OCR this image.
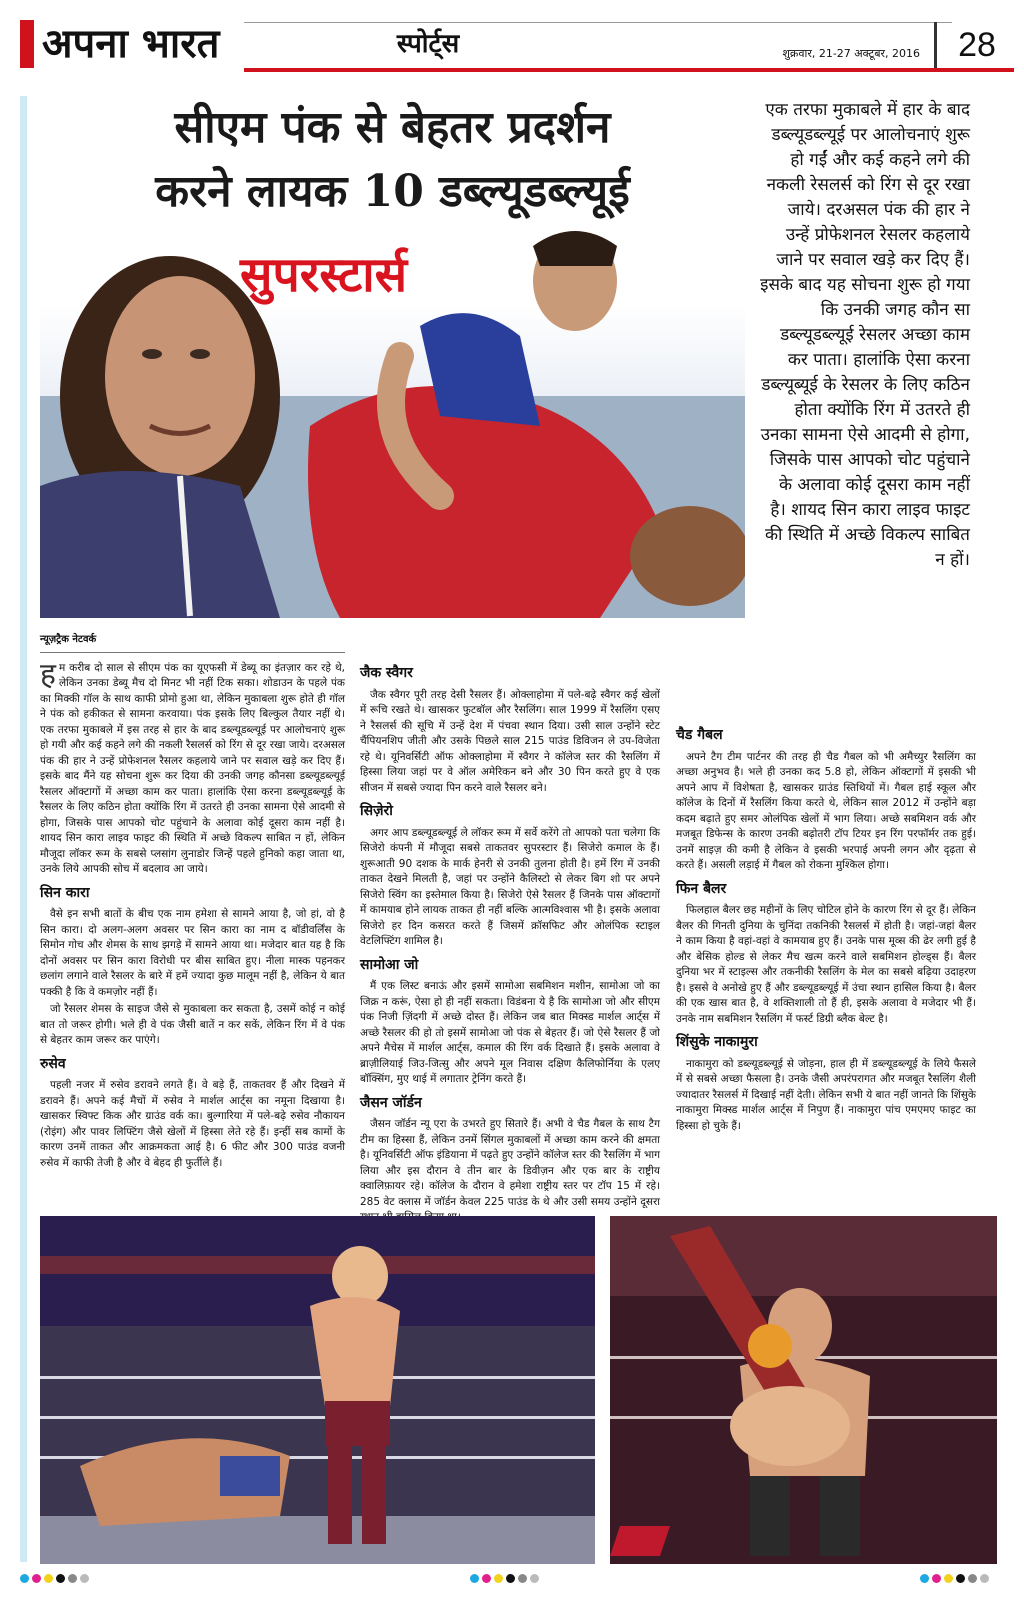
अपना भारत	स्पोर्ट्स	शुक्रवार, 21-27 अक्टूबर, 2016	28
सीएम पंक से बेहतर प्रदर्शन
करने लायक 10 डब्ल्यूडब्ल्यूई
सुपरस्टार्स
एक तरफा मुकाबले में हार के बाद डब्ल्यूडब्ल्यूई पर आलोचनाएं शुरू हो गईं और कई कहने लगे की नकली रेसलर्स को रिंग से दूर रखा जाये। दरअसल पंक की हार ने उन्हें प्रोफेशनल रेसलर कहलाये जाने पर सवाल खड़े कर दिए हैं। इसके बाद यह सोचना शुरू हो गया कि उनकी जगह कौन सा डब्ल्यूडब्ल्यूई रेसलर अच्छा काम कर पाता। हालांकि ऐसा करना डब्ल्यूब्यूई के रेसलर के लिए कठिन होता क्योंकि रिंग में उतरते ही उनका सामना ऐसे आदमी से होगा, जिसके पास आपको चोट पहुंचाने के अलावा कोई दूसरा काम नहीं है। शायद सिन कारा लाइव फाइट की स्थिति में अच्छे विकल्प साबित न हों।
न्यूज़ट्रैक नेटवर्क

हम करीब दो साल से सीएम पंक का यूएफसी में डेब्यू का इंतज़ार कर रहे थे, लेकिन उनका डेब्यू मैच दो मिनट भी नहीं टिक सका। शोडाउन के पहले पंक का मिक्की गॉल के साथ काफी प्रोमो हुआ था, लेकिन मुकाबला शुरू होते ही गॉल ने पंक को हकीकत से सामना करवाया। पंक इसके लिए बिल्कुल तैयार नहीं थे। एक तरफा मुकाबले में इस तरह से हार के बाद डब्ल्यूडब्ल्यूई पर आलोचनाएं शुरू हो गयी और कई कहने लगे की नकली रैसलर्स को रिंग से दूर रखा जाये। दरअसल पंक की हार ने उन्हें प्रोफेशनल रैसलर कहलाये जाने पर सवाल खड़े कर दिए हैं। इसके बाद मैंने यह सोचना शुरू कर दिया की उनकी जगह कौनसा डब्ल्यूडब्ल्यूई रैसलर ऑक्टागों में अच्छा काम कर पाता। हालांकि ऐसा करना डब्ल्यूडब्ल्यूई के रैसलर के लिए कठिन होता क्योंकि रिंग में उतरते ही उनका सामना ऐसे आदमी से होगा, जिसके पास आपको चोट पहुंचाने के अलावा कोई दूसरा काम नहीं है। शायद सिन कारा लाइव फाइट की स्थिति में अच्छे विकल्प साबित न हों, लेकिन मौजूदा लॉकर रूम के सबसे प्लसांग लुनाडोर जिन्हें पहले हुनिको कहा जाता था, उनके लिये आपकी सोच में बदलाव आ जाये।

सिन कारा

वैसे इन सभी बातों के बीच एक नाम हमेशा से सामने आया है, जो हां, वो है सिन कारा। दो अलग-अलग अवसर पर सिन कारा का नाम द बॉडीवर्लिंस के सिमोन गोच और शेमस के साथ झगड़े में सामने आया था। मजेदार बात यह है कि दोनों अवसर पर सिन कारा विरोधी पर बीस साबित हुए। नीला मास्क पहनकर छलांग लगाने वाले रैसलर के बारे में हमें ज्यादा कुछ मालूम नहीं है, लेकिन ये बात पक्की है कि वे कमज़ोर नहीं हैं।

जो रैसलर शेमस के साइज जैसे से मुकाबला कर सकता है, उसमें कोई न कोई बात तो जरूर होगी। भले ही वे पंक जैसी बातें न कर सकें, लेकिन रिंग में वे पंक से बेहतर काम जरूर कर पाएंगे।

रुसेव

पहली नजर में रुसेव डरावने लगते हैं। वे बड़े हैं, ताकतवर हैं और दिखने में डरावने हैं। अपने कई मैचों में रुसेव ने मार्शल आर्ट्स का नमूना दिखाया है। खासकर स्विफ्ट किक और ग्राउंड वर्क का। बुल्गारिया में पले-बढ़े रुसेव नौकायन (रोइंग) और पावर लिफ्टिंग जैसे खेलों में हिस्सा लेते रहे हैं। इन्हीं सब कामों के कारण उनमें ताकत और आक्रमकता आई है। 6 फीट और 300 पाउंड वजनी रुसेव में काफी तेजी है और वे बेहद ही फुर्तीले हैं।

जैक स्वैगर

जैक स्वैगर पूरी तरह देसी रैसलर हैं। ओक्लाहोमा में पले-बढ़े स्वैगर कई खेलों में रूचि रखते थे। खासकर फुटबॉल और रैसलिंग। साल 1999 में रैसलिंग एसए ने रैसलर्स की सूचि में उन्हें देश में पंचवा स्थान दिया। उसी साल उन्होंने स्टेट चैंपियनशिप जीती और उसके पिछले साल 215 पाउंड डिविजन ले उप-विजेता रहे थे। यूनिवर्सिटी ऑफ ओक्लाहोमा में स्वैगर ने कॉलेज स्तर की रैसलिंग में हिस्सा लिया जहां पर वे ऑल अमेरिकन बने और 30 पिन करते हुए वे एक सीजन में सबसे ज्यादा पिन करने वाले रैसलर बने।

सिज़ेरो

अगर आप डब्ल्यूडब्ल्यूई ले लॉकर रूम में सर्वे करेंगे तो आपको पता चलेगा कि सिजेरो कंपनी में मौजूदा सबसे ताकतवर सुपरस्टार हैं। सिजेरो कमाल के हैं। शुरूआती 90 दशक के मार्क हेनरी से उनकी तुलना होती है। हमें रिंग में उनकी ताकत देखने मिलती है, जहां पर उन्होंने कैलिस्टो से लेकर बिग शो पर अपने सिजेरो स्विंग का इस्तेमाल किया है। सिजेरो ऐसे रैसलर हैं जिनके पास ऑक्टागों में कामयाब होने लायक ताकत ही नहीं बल्कि आत्मविश्वास भी है। इसके अलावा सिजेरो हर दिन कसरत करते हैं जिसमें क्रॉसफिट और ओलंपिक स्टाइल वेटलिफ्टिंग शामिल है।

सामोआ जो

मैं एक लिस्ट बनाऊं और इसमें सामोआ सबमिशन मशीन, सामोआ जो का जिक्र न करूं, ऐसा हो ही नहीं सकता। विडंबना ये है कि सामोआ जो और सीएम पंक निजी ज़िंदगी में अच्छे दोस्त हैं। लेकिन जब बात मिक्स्ड मार्शल आर्ट्स में अच्छे रैसलर की हो तो इसमें सामोआ जो पंक से बेहतर हैं। जो ऐसे रैसलर हैं जो अपने मैचेस में मार्शल आर्ट्स, कमाल की रिंग वर्क दिखाते हैं। इसके अलावा वे ब्राज़ीलियाई जिउ-जित्सु और अपने मूल निवास दक्षिण कैलिफोर्निया के एलए बॉक्सिंग, मुए थाई में लगातार ट्रेनिंग करते हैं।

जैसन जॉर्डन

जैसन जॉर्डन न्यू एरा के उभरते हुए सितारे हैं। अभी वे चैड गैबल के साथ टैग टीम का हिस्सा हैं, लेकिन उनमें सिंगल मुकाबलों में अच्छा काम करने की क्षमता है। यूनिवर्सिटी ऑफ इंडियाना में पढ़ते हुए उन्होंने कॉलेज स्तर की रैसलिंग में भाग लिया और इस दौरान वे तीन बार के डिवीज़न और एक बार के राष्ट्रीय क्वालिफ़ायर रहे। कॉलेज के दौरान वे हमेशा राष्ट्रीय स्तर पर टॉप 15 में रहे। 285 वेट क्लास में जॉर्डन केवल 225 पाउंड के थे और उसी समय उन्होंने दूसरा

चैड गैबल

अपने टैग टीम पार्टनर की तरह ही चैड गैबल को भी अमैच्युर रैसलिंग का अच्छा अनुभव है। भले ही उनका कद 5.8 हो, लेकिन ऑक्टागों में इसकी भी अपने आप में विशेषता है, खासकर ग्राउंड स्तिथियों में। गैबल हाई स्कूल और कॉलेज के दिनों में रैसलिंग किया करते थे, लेकिन साल 2012 में उन्होंने बड़ा कदम बढ़ाते हुए समर ओलंपिक खेलों में भाग लिया। अच्छे सबमिशन वर्क और मजबूत डिफेन्स के कारण उनकी बढ़ोतरी टॉप टियर इन रिंग परफॉर्मर तक हुई। उनमें साइज़ की कमी है लेकिन वे इसकी भरपाई अपनी लगन और दृढ़ता से करते हैं। असली लड़ाई में गैबल को रोकना मुश्किल होगा।

फिन बैलर

फिलहाल बैलर छह महीनों के लिए चोटिल होने के कारण रिंग से दूर हैं। लेकिन बैलर की गिनती दुनिया के चुनिंदा तकनिकी रैसलर्स में होती है। जहां-जहां बैलर ने काम किया है वहां-वहां वे कामयाब हुए हैं। उनके पास मूव्स की ढेर लगी हुई है और बेसिक होल्ड से लेकर मैच खत्म करने वाले सबमिशन होल्ड्स हैं। बैलर दुनिया भर में स्टाइल्स और तकनीकी रैसलिंग के मेल का सबसे बढ़िया उदाहरण है। इससे वे अनोखे हुए हैं और डब्ल्यूडब्ल्यूई में उंचा स्थान हासिल किया है। बैलर की एक खास बात है, वे शक्तिशाली तो हैं ही, इसके अलावा वे मजेदार भी हैं। उनके नाम सबमिशन रैसलिंग में फर्स्ट डिग्री ब्लैक बेल्ट है।

शिंसुके नाकामुरा

नाकामुरा को डब्ल्यूडब्ल्यूई से जोड़ना, हाल ही में डब्ल्यूडब्ल्यूई के लिये फैसले में से सबसे अच्छा फैसला है। उनके जैसी अपरंपरागत और मजबूत रैसलिंग शैली ज्यादातर रैसलर्स में दिखाई नहीं देती। लेकिन सभी ये बात नहीं जानते कि शिंसुके नाकामुरा मिक्स्ड मार्शल आर्ट्स में निपुण हैं। नाकामुरा पांच एमएमए फाइट का हिस्सा हो चुके हैं।
